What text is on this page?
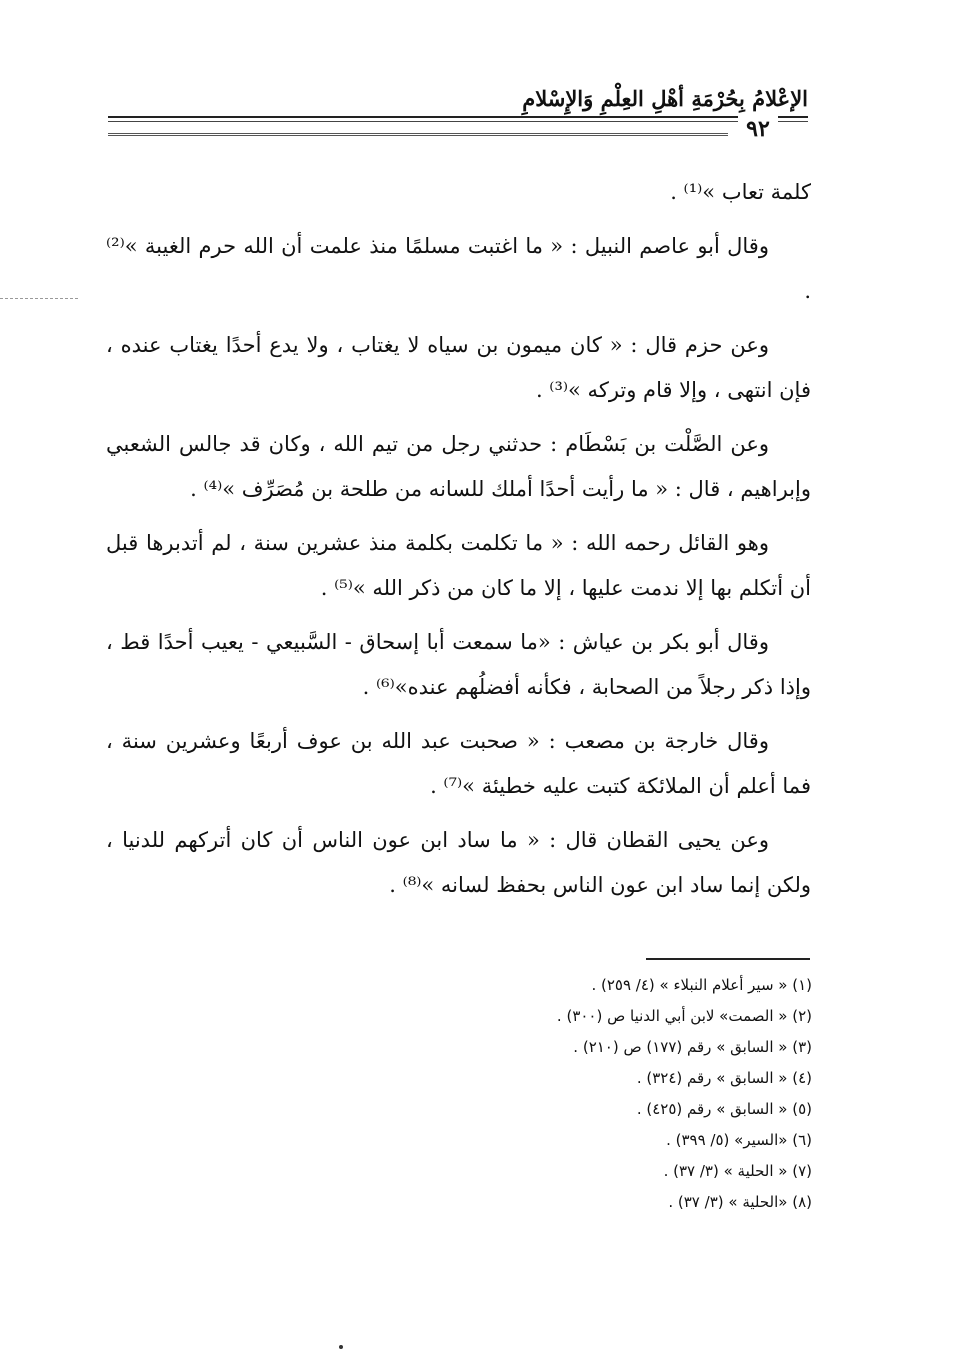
الإعْلامُ بِحُرْمَةِ أهْلِ العِلْمِ وَالإِسْلامِ
٩٢

كلمة تعاب »⁽¹⁾ .

وقال أبو عاصم النبيل : « ما اغتبت مسلمًا منذ علمت أن الله حرم الغيبة »⁽²⁾ .

وعن حزم قال : « كان ميمون بن سياه لا يغتاب ، ولا يدع أحدًا يغتاب عنده ، فإن انتهى ، وإلا قام وتركه »⁽³⁾ .

وعن الصَّلْت بن بَسْطَام : حدثني رجل من تيم الله ، وكان قد جالس الشعبي وإبراهيم ، قال : « ما رأيت أحدًا أملك للسانه من طلحة بن مُصَرِّف »⁽⁴⁾ .

وهو القائل رحمه الله : « ما تكلمت بكلمة منذ عشرين سنة ، لم أتدبرها قبل أن أتكلم بها إلا ندمت عليها ، إلا ما كان من ذكر الله »⁽⁵⁾ .

وقال أبو بكر بن عياش : «ما سمعت أبا إسحاق - السَّبيعي - يعيب أحدًا قط ، وإذا ذكر رجلاً من الصحابة ، فكأنه أفضلُهم عنده»⁽⁶⁾ .

وقال خارجة بن مصعب : « صحبت عبد الله بن عوف أربعًا وعشرين سنة ، فما أعلم أن الملائكة كتبت عليه خطيئة »⁽⁷⁾ .

وعن يحيى القطان قال : « ما ساد ابن عون الناس أن كان أتركهم للدنيا ، ولكن إنما ساد ابن عون الناس بحفظ لسانه »⁽⁸⁾ .

(١) « سير أعلام النبلاء » (٤/ ٢٥٩) .
(٢) « الصمت» لابن أبي الدنيا ص (٣٠٠) .
(٣) « السابق » رقم (١٧٧) ص (٢١٠) .
(٤) « السابق » رقم (٣٢٤) .
(٥) « السابق » رقم (٤٢٥) .
(٦) «السير» (٥/ ٣٩٩) .
(٧) « الحلية » (٣/ ٣٧) .
(٨) «الحلية » (٣/ ٣٧) .
